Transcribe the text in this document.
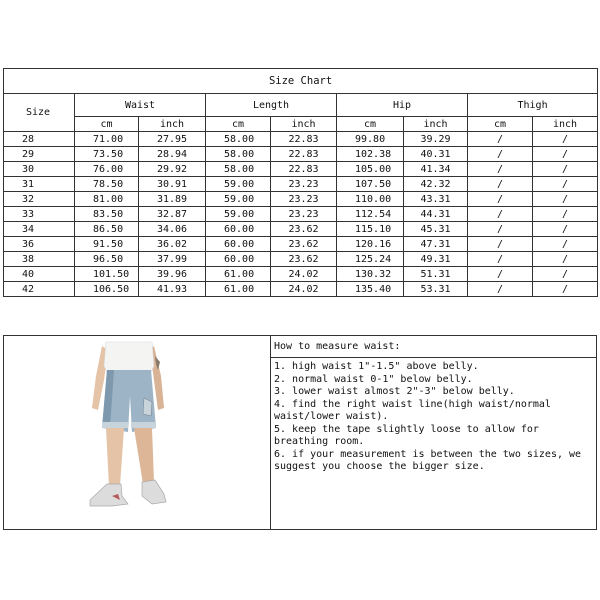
Size Chart								
Size	Waist		Length		Hip		Thigh	
	cm	inch	cm	inch	cm	inch	cm	inch
28	71.00	27.95	58.00	22.83	99.80	39.29	/	/
29	73.50	28.94	58.00	22.83	102.38	40.31	/	/
30	76.00	29.92	58.00	22.83	105.00	41.34	/	/
31	78.50	30.91	59.00	23.23	107.50	42.32	/	/
32	81.00	31.89	59.00	23.23	110.00	43.31	/	/
33	83.50	32.87	59.00	23.23	112.54	44.31	/	/
34	86.50	34.06	60.00	23.62	115.10	45.31	/	/
36	91.50	36.02	60.00	23.62	120.16	47.31	/	/
38	96.50	37.99	60.00	23.62	125.24	49.31	/	/
40	101.50	39.96	61.00	24.02	130.32	51.31	/	/
42	106.50	41.93	61.00	24.02	135.40	53.31	/	/
How to measure waist:

1. high waist 1"-1.5" above belly.

2. normal waist 0-1" below belly.

3. lower waist almost 2"-3" below belly.

4. find the right waist line(high waist/normal waist/lower waist).

5. keep the tape slightly loose to allow for breathing room.

6. if your measurement is between the two sizes, we suggest you choose the bigger size.
